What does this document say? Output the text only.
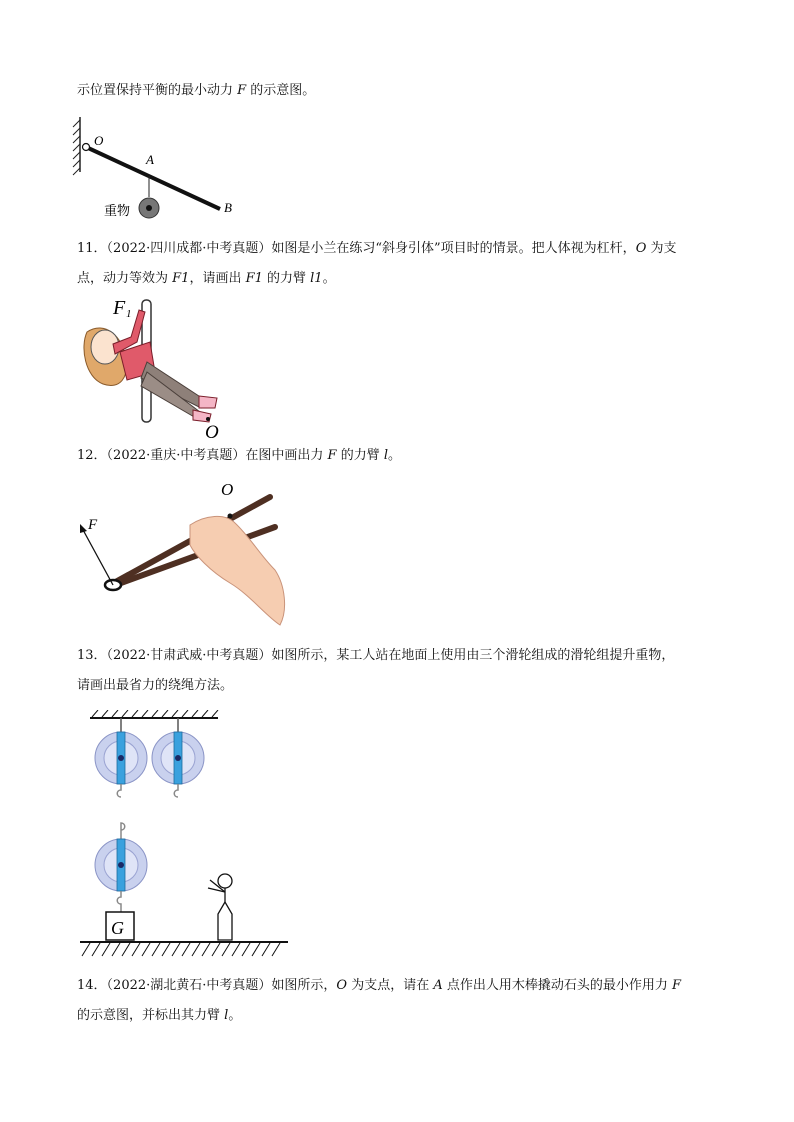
示位置保持平衡的最小动力 F 的示意图。
O
A
B
重物
11．（2022·四川成都·中考真题）如图是小兰在练习“斜身引体”项目时的情景。把人体视为杠杆，O 为支
点，动力等效为 F1，请画出 F1 的力臂 l1。
F 1
O
12．（2022·重庆·中考真题）在图中画出力 F 的力臂 l。
O
F
13．（2022·甘肃武威·中考真题）如图所示，某工人站在地面上使用由三个滑轮组成的滑轮组提升重物，
请画出最省力的绕绳方法。
G
14．（2022·湖北黄石·中考真题）如图所示，O 为支点，请在 A 点作出人用木棒撬动石头的最小作用力 F
的示意图，并标出其力臂 l。
